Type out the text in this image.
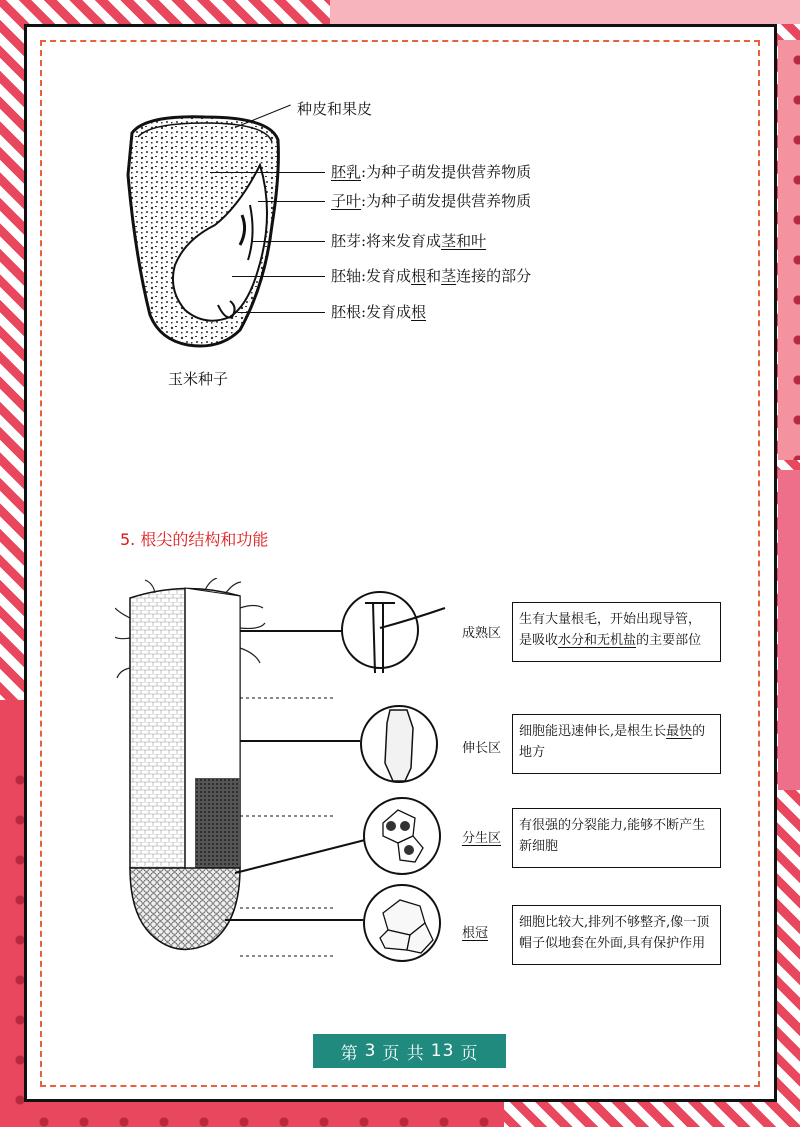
种皮和果皮
胚乳:为种子萌发提供营养物质
子叶:为种子萌发提供营养物质
胚芽:将来发育成茎和叶
胚轴:发育成根和茎连接的部分
胚根:发育成根
玉米种子
5. 根尖的结构和功能
成熟区
伸长区
分生区
根冠
生有大量根毛，开始出现导管，
是吸收水分和无机盐的主要部位
细胞能迅速伸长,是根生长最快的
地方
有很强的分裂能力,能够不断产生
新细胞
细胞比较大,排列不够整齐,像一顶
帽子似地套在外面,具有保护作用
第 3 页 共 13 页
